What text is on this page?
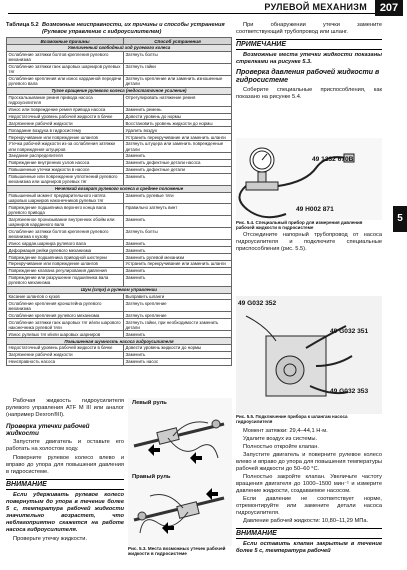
РУЛЕВОЙ МЕХАНИЗМ	207
Таблица 5.2 Возможные неисправности, их причины и способы устранения
(Рулевое управление с гидроусилителем)
Возможные причины	Способ устранения
Увеличенный свободный ход рулевого колеса	
Ослабление затяжки болтов крепления рулевого механизма	Затянуть болты
Ослабление затяжки гаек шаровых шарниров рулевых тяг	Затянуть гайки
Ослабление крепления или износ карданной передачи рулевого вала	Затянуть крепление или заменить изношенные детали
Тугое вращение рулевого колеса (недостаточное усиление)	
Проскальзывание ремня привода насоса гидроусилителя	Отрегулировать натяжение ремня
Износ или повреждение ремня привода насоса	Заменить ремень
Недостаточный уровень рабочей жидкости в бачке	Довести уровень до нормы
Загрязнение рабочей жидкости	Восстановить уровень жидкости до нормы
Попадание воздуха в гидросистему	Удалить воздух
Перекручивание или повреждение шлангов	Устранить перекручивание или заменить шланги
Утечка рабочей жидкости из-за ослабления затяжки или повреждения штуцеров	Затянуть штуцера или заменить поврежденные детали
Заедание распределителя	Заменить
Повреждение внутренних узлов насоса	Заменить дефектные детали насоса
Повышенные утечки жидкости в насосе	Заменить дефектные детали
Повышенные или повреждение уплотнений рулевого механизма или шарниров рулевых тяг	Заменить
Нечеткий возврат рулевого колеса в среднее положение	
Повышенный момент предварительного натяга шаровых шарниров наконечников рулевых тяг	Заменить рулевые тяги
Повреждение подшипника верхнего конца вала рулевого привода	Правильно затянуть винт
Загрязненное пронизывание внутренних обойм или шарниров карданного вала	Заменить
Ослабление затяжки болтов крепления рулевого механизма к кузову	Затянуть болты
Износ кардан.шарнира рулевого вала	Заменить
Деформация рейки рулевого механизма	Заменить
Повреждение подшипника приводной шестерни	Заменить рулевой механизм
Перекручивание или повреждение шлангов	Устранить перекручивание или заменить шланги
Повреждение клапана регулирования давления	Заменить
Повреждение или разрушение подшипника вала рулевого механизма	Заменить
Шум (стук) в рулевом управлении	
Касание шлангов о кузов	Выправить шланги
Ослабление крепления кронштейна рулевого механизма	Затянуть крепление
Ослабление крепления рулевого механизма	Затянуть крепление
Ослабление затяжки гаек шаровых тяг и/или шарового наконечника рулевой тяги	Затянуть гайки, при необходимости заменить детали
Износ рулевых тяг и/или шаровых шарниров	Заменить
Повышенная шумность насоса гидроусилителя	
Недостаточный уровень рабочей жидкости в бачке	Довести уровень жидкости до нормы
Загрязнение рабочей жидкости	Заменить
Неисправность насоса	Заменить насос

Рабочая жидкость гидроусилителя рулевого управления ATF M III или аналог (например Dexron®II).

Проверка утечки рабочей жидкости

Запустите двигатель и оставьте его работать на холостом ходу.

Поверните рулевое колесо влево и вправо до упора для повышения давления в гидросистеме.

ВНИМАНИЕ

Если удерживать рулевое колесо повернутым до упора в течение более 5 с, температура рабочей жидкости значительно возрастет, что неблагоприятно скажется на работе насоса гидроусилителя.

Проверьте утечку жидкости.

Левый руль
Правый руль
Рис. 5.3. Места возможных утечек рабочей жидкости в гидросистеме

При обнаружении утечки замените соответствующий трубопровод или шланг.

ПРИМЕЧАНИЕ

Возможные места утечки жидкости показаны стрелками на рисунке 5.3.

Проверка давления рабочей жидкости в гидросистеме

Соберите специальные приспособления, как показано на рисунке 5.4.

49 1232 670B
49 H002 871
Рис. 5.4. Специальный прибор для измерения давления рабочей жидкости в гидросистеме
5

Отсоедините напорный трубопровод от насоса гидроусилителя и подключите специальные приспособления (рис. 5.5).

49 G032 352
49 G032 351
49 G032 353
Рис. 5.5. Подключение прибора к шлангам насоса гидроусилителя

Момент затяжки: 29,4–44,1 Н·м.

Удалите воздух из системы.

Полностью откройте клапан.

Запустите двигатель и поверните рулевое колесо влево и вправо до упора для повышения температуры рабочей жидкости до 50–60 °С.

Полностью закройте клапан. Увеличьте частоту вращения двигателя до 1000–1500 мин⁻¹ и измерите давление жидкости, создаваемое насосом.

Если давление не соответствует норме, отремонтируйте или замените детали насоса гидроусилителя.

Давление рабочей жидкости: 10,80–11,29 МПа.

ВНИМАНИЕ

Если оставить клапан закрытым в течение более 5 с, температура рабочей
